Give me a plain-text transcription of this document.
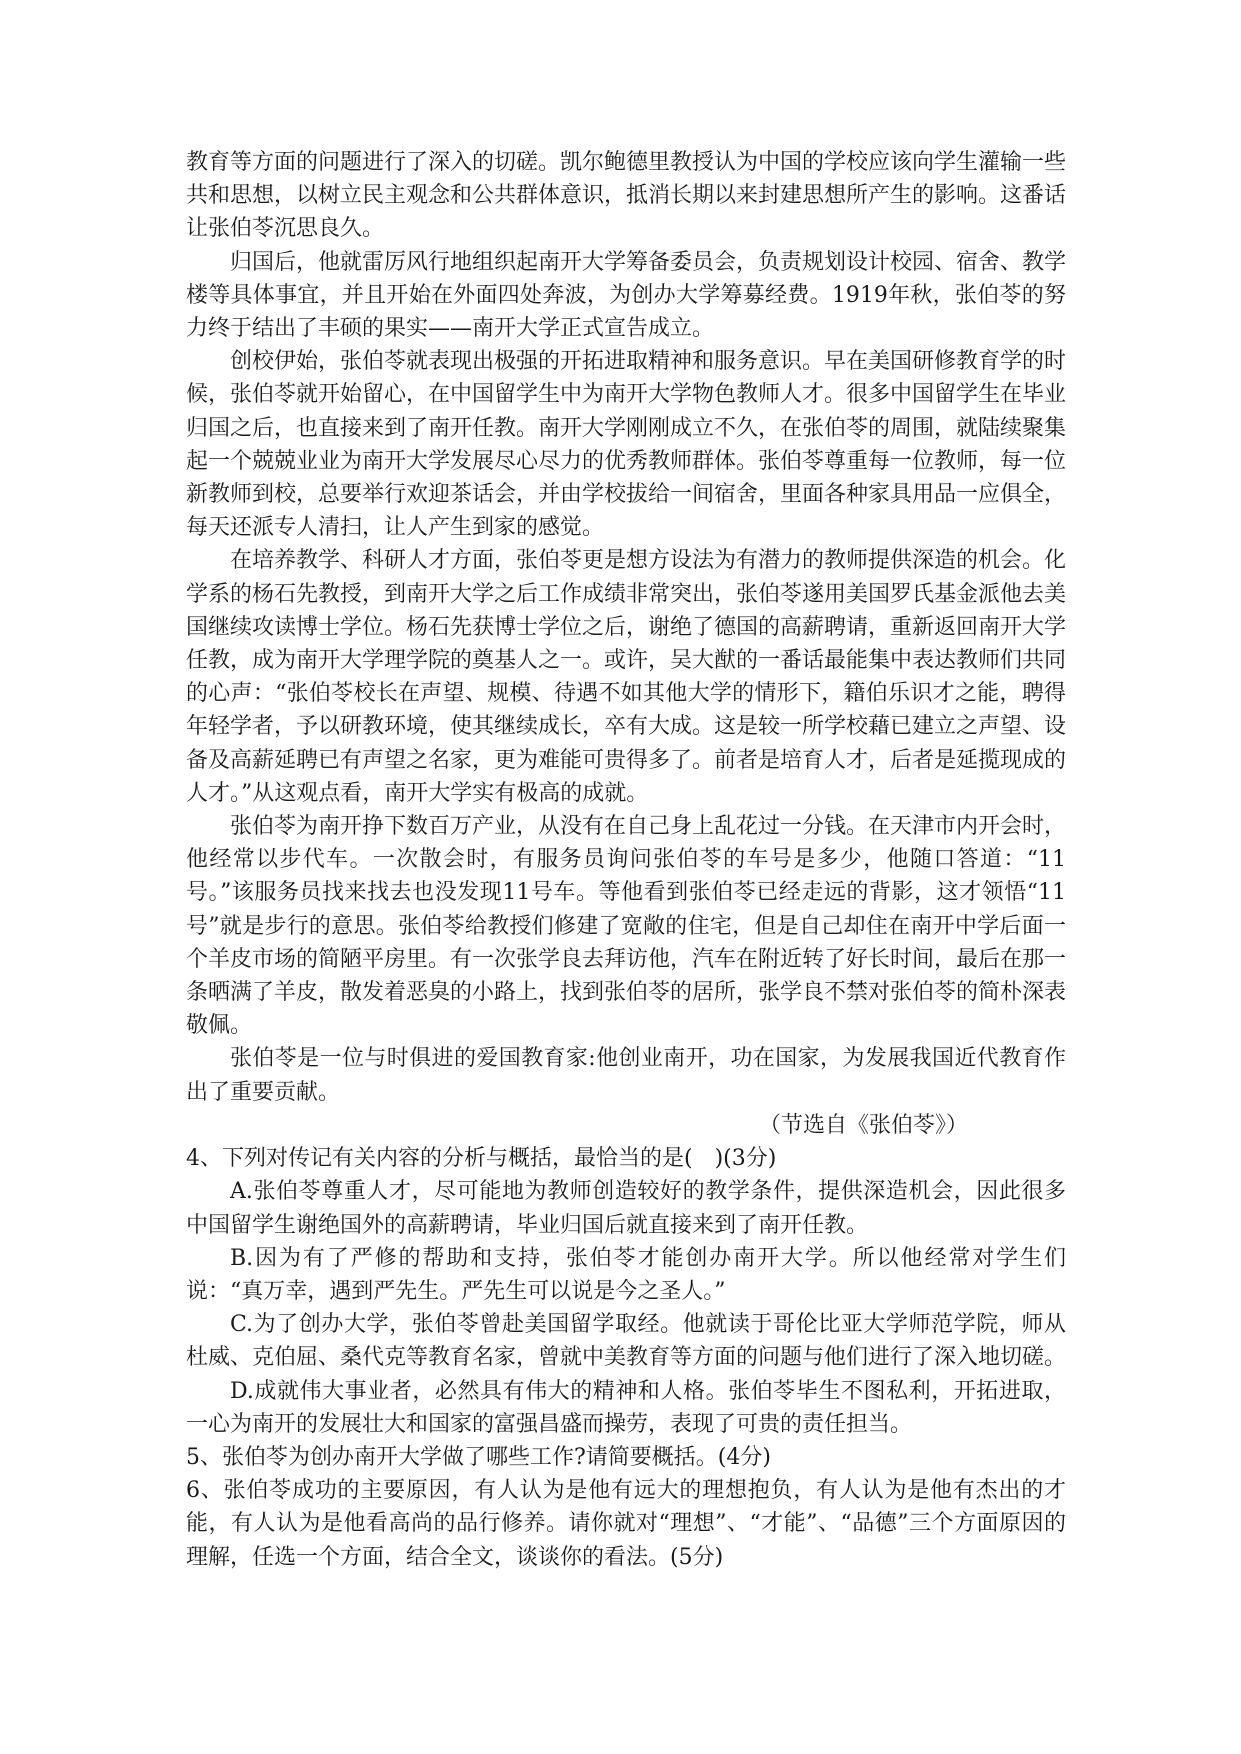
教育等方面的问题进行了深入的切磋。凯尔鲍德里教授认为中国的学校应该向学生灌输一些共和思想，以树立民主观念和公共群体意识，抵消长期以来封建思想所产生的影响。这番话让张伯苓沉思良久。

归国后，他就雷厉风行地组织起南开大学筹备委员会，负责规划设计校园、宿舍、教学楼等具体事宜，并且开始在外面四处奔波，为创办大学筹募经费。1919年秋，张伯苓的努力终于结出了丰硕的果实——南开大学正式宣告成立。

创校伊始，张伯苓就表现出极强的开拓进取精神和服务意识。早在美国研修教育学的时候，张伯苓就开始留心，在中国留学生中为南开大学物色教师人才。很多中国留学生在毕业归国之后，也直接来到了南开任教。南开大学刚刚成立不久，在张伯苓的周围，就陆续聚集起一个兢兢业业为南开大学发展尽心尽力的优秀教师群体。张伯苓尊重每一位教师，每一位新教师到校，总要举行欢迎茶话会，并由学校拔给一间宿舍，里面各种家具用品一应俱全，每天还派专人清扫，让人产生到家的感觉。

在培养教学、科研人才方面，张伯苓更是想方设法为有潜力的教师提供深造的机会。化学系的杨石先教授，到南开大学之后工作成绩非常突出，张伯苓遂用美国罗氏基金派他去美国继续攻读博士学位。杨石先获博士学位之后，谢绝了德国的高薪聘请，重新返回南开大学任教，成为南开大学理学院的奠基人之一。或许，吴大猷的一番话最能集中表达教师们共同的心声：“张伯苓校长在声望、规模、待遇不如其他大学的情形下，籍伯乐识才之能，聘得年轻学者，予以研教环境，使其继续成长，卒有大成。这是较一所学校藉已建立之声望、设备及高薪延聘已有声望之名家，更为难能可贵得多了。前者是培育人才，后者是延揽现成的人才。”从这观点看，南开大学实有极高的成就。

张伯苓为南开挣下数百万产业，从没有在自己身上乱花过一分钱。在天津市内开会时，他经常以步代车。一次散会时，有服务员询问张伯苓的车号是多少，他随口答道：“11号。”该服务员找来找去也没发现11号车。等他看到张伯苓已经走远的背影，这才领悟“11号”就是步行的意思。张伯苓给教授们修建了宽敞的住宅，但是自己却住在南开中学后面一个羊皮市场的简陋平房里。有一次张学良去拜访他，汽车在附近转了好长时间，最后在那一条晒满了羊皮，散发着恶臭的小路上，找到张伯苓的居所，张学良不禁对张伯苓的简朴深表敬佩。

张伯苓是一位与时俱进的爱国教育家:他创业南开，功在国家，为发展我国近代教育作出了重要贡献。

（节选自《张伯苓》）

4、下列对传记有关内容的分析与概括，最恰当的是(　)(3分)

A.张伯苓尊重人才，尽可能地为教师创造较好的教学条件，提供深造机会，因此很多中国留学生谢绝国外的高薪聘请，毕业归国后就直接来到了南开任教。

B.因为有了严修的帮助和支持，张伯苓才能创办南开大学。所以他经常对学生们说：“真万幸，遇到严先生。严先生可以说是今之圣人。”

C.为了创办大学，张伯苓曾赴美国留学取经。他就读于哥伦比亚大学师范学院，师从杜威、克伯屈、桑代克等教育名家，曾就中美教育等方面的问题与他们进行了深入地切磋。

D.成就伟大事业者，必然具有伟大的精神和人格。张伯苓毕生不图私利，开拓进取，一心为南开的发展壮大和国家的富强昌盛而操劳，表现了可贵的责任担当。

5、张伯苓为创办南开大学做了哪些工作?请简要概括。(4分)

6、张伯苓成功的主要原因，有人认为是他有远大的理想抱负，有人认为是他有杰出的才能，有人认为是他看高尚的品行修养。请你就对“理想”、“才能”、“品德”三个方面原因的理解，任选一个方面，结合全文，谈谈你的看法。(5分)
